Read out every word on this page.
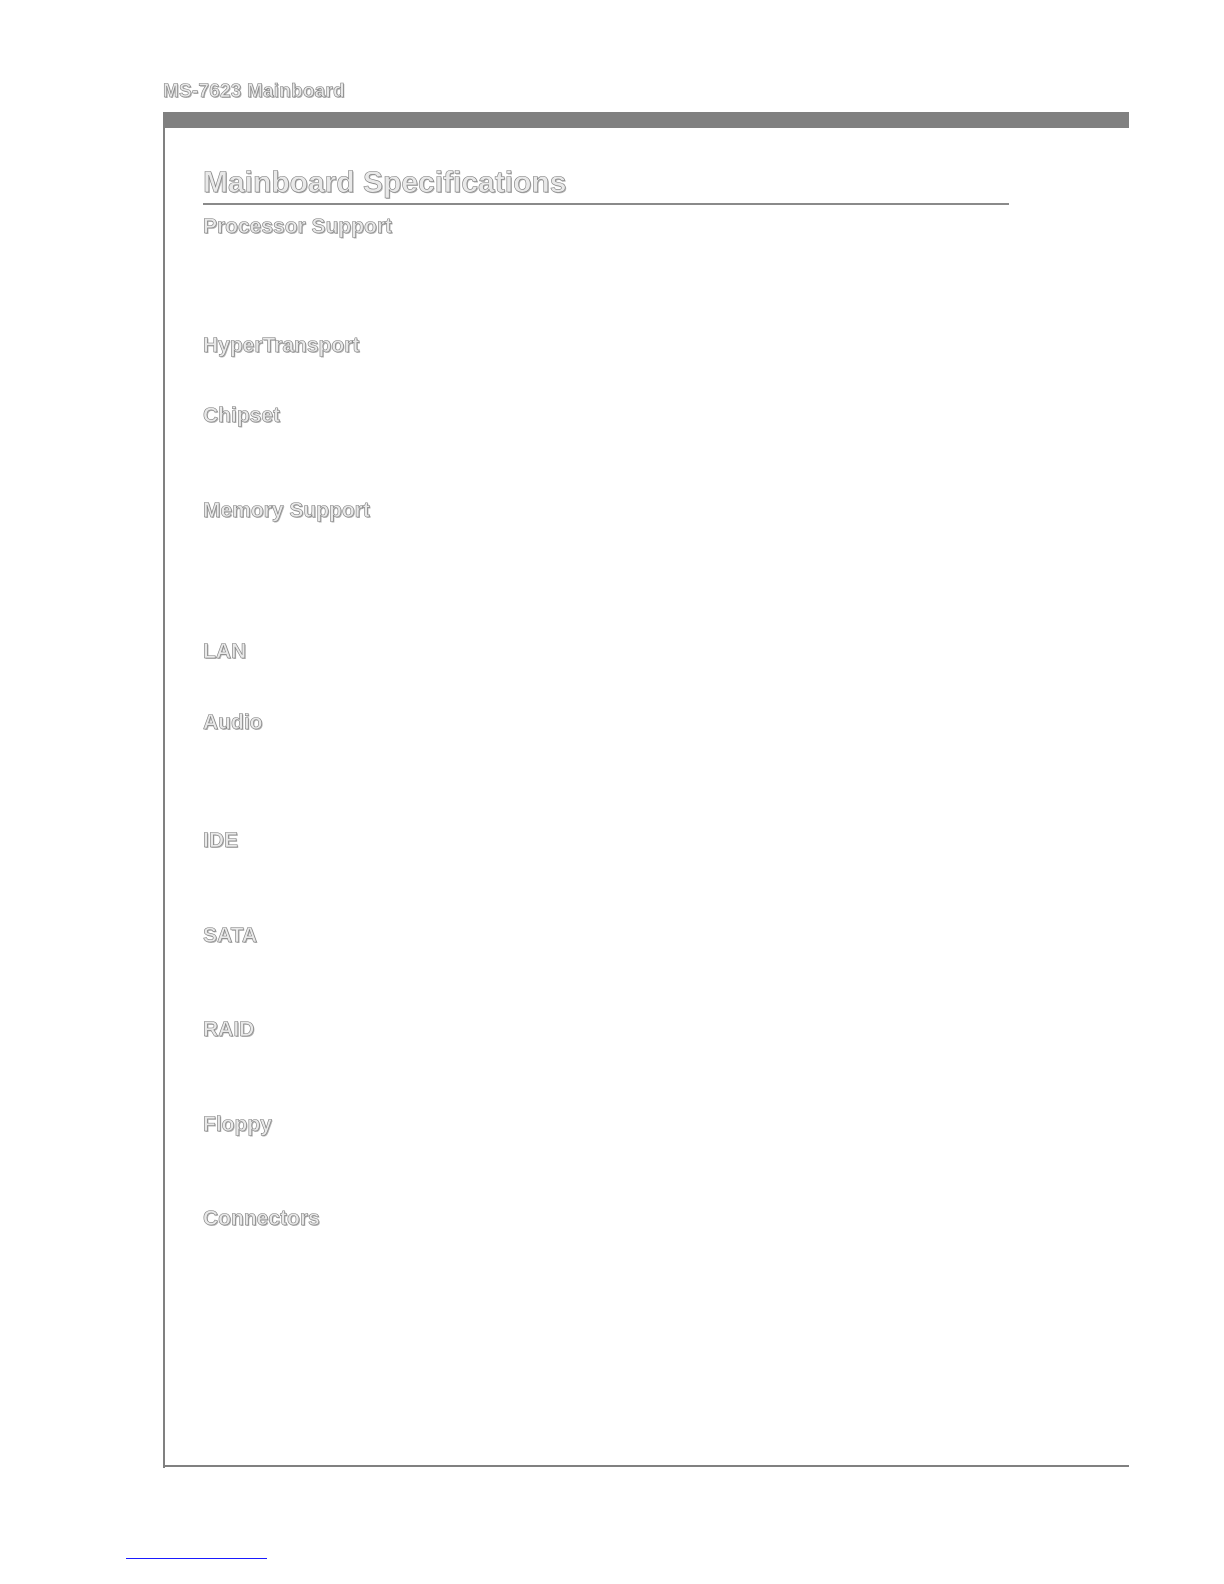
MS-7623 Mainboard
Mainboard Specifications
Processor Support
HyperTransport
Chipset
Memory Support
LAN
Audio
IDE
SATA
RAID
Floppy
Connectors
